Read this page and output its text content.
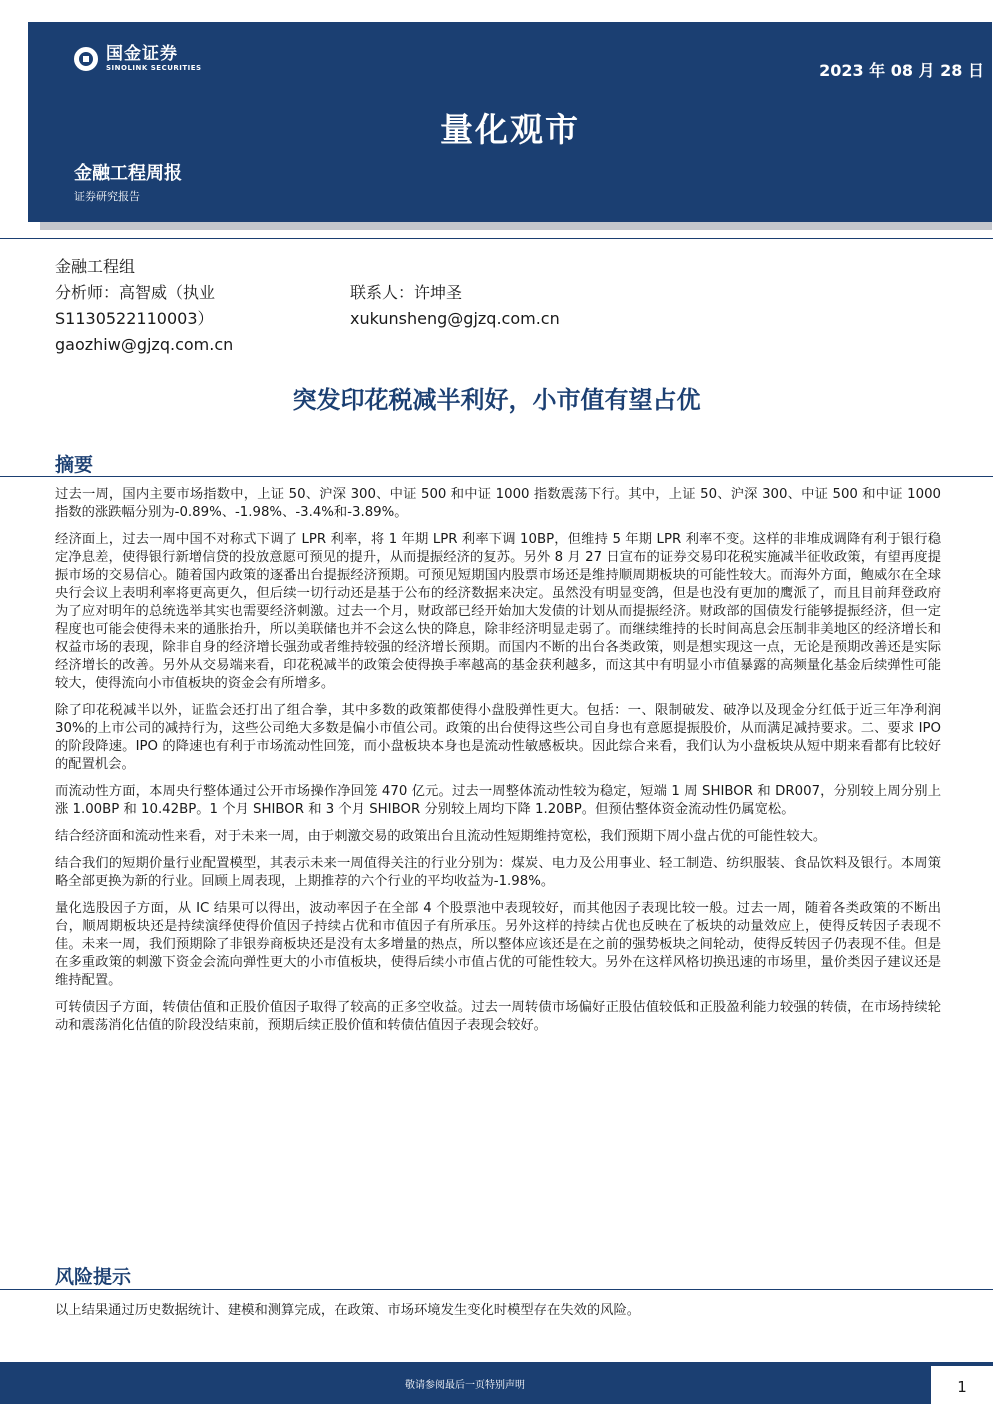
国金证券
SINOLINK SECURITIES	2023 年 08 月 28 日
量化观市
金融工程周报
证券研究报告
金融工程组
分析师：高智威（执业
S1130522110003）
gaozhiw@gjzq.com.cn
联系人：许坤圣
xukunsheng@gjzq.com.cn
突发印花税减半利好，小市值有望占优
摘要

过去一周，国内主要市场指数中，上证 50、沪深 300、中证 500 和中证 1000 指数震荡下行。其中，上证 50、沪深 300、中证 500 和中证 1000 指数的涨跌幅分别为-0.89%、-1.98%、-3.4%和-3.89%。

经济面上，过去一周中国不对称式下调了 LPR 利率，将 1 年期 LPR 利率下调 10BP，但维持 5 年期 LPR 利率不变。这样的非堆成调降有利于银行稳定净息差，使得银行新增信贷的投放意愿可预见的提升，从而提振经济的复苏。另外 8 月 27 日宣布的证券交易印花税实施减半征收政策，有望再度提振市场的交易信心。随着国内政策的逐番出台提振经济预期。可预见短期国内股票市场还是维持顺周期板块的可能性较大。而海外方面，鲍威尔在全球央行会议上表明利率将更高更久，但后续一切行动还是基于公布的经济数据来决定。虽然没有明显变鸽，但是也没有更加的鹰派了，而且目前拜登政府为了应对明年的总统选举其实也需要经济刺激。过去一个月，财政部已经开始加大发债的计划从而提振经济。财政部的国债发行能够提振经济，但一定程度也可能会使得未来的通胀抬升，所以美联储也并不会这么快的降息，除非经济明显走弱了。而继续维持的长时间高息会压制非美地区的经济增长和权益市场的表现，除非自身的经济增长强劲或者维持较强的经济增长预期。而国内不断的出台各类政策，则是想实现这一点，无论是预期改善还是实际经济增长的改善。另外从交易端来看，印花税减半的政策会使得换手率越高的基金获利越多，而这其中有明显小市值暴露的高频量化基金后续弹性可能较大，使得流向小市值板块的资金会有所增多。

除了印花税减半以外，证监会还打出了组合拳，其中多数的政策都使得小盘股弹性更大。包括：一、限制破发、破净以及现金分红低于近三年净利润 30%的上市公司的减持行为，这些公司绝大多数是偏小市值公司。政策的出台使得这些公司自身也有意愿提振股价，从而满足减持要求。二、要求 IPO 的阶段降速。IPO 的降速也有利于市场流动性回笼，而小盘板块本身也是流动性敏感板块。因此综合来看，我们认为小盘板块从短中期来看都有比较好的配置机会。

而流动性方面，本周央行整体通过公开市场操作净回笼 470 亿元。过去一周整体流动性较为稳定，短端 1 周 SHIBOR 和 DR007，分别较上周分别上涨 1.00BP 和 10.42BP。1 个月 SHIBOR 和 3 个月 SHIBOR 分别较上周均下降 1.20BP。但预估整体资金流动性仍属宽松。

结合经济面和流动性来看，对于未来一周，由于刺激交易的政策出台且流动性短期维持宽松，我们预期下周小盘占优的可能性较大。

结合我们的短期价量行业配置模型，其表示未来一周值得关注的行业分别为：煤炭、电力及公用事业、轻工制造、纺织服装、食品饮料及银行。本周策略全部更换为新的行业。回顾上周表现，上期推荐的六个行业的平均收益为-1.98%。

量化选股因子方面，从 IC 结果可以得出，波动率因子在全部 4 个股票池中表现较好，而其他因子表现比较一般。过去一周，随着各类政策的不断出台，顺周期板块还是持续演绎使得价值因子持续占优和市值因子有所承压。另外这样的持续占优也反映在了板块的动量效应上，使得反转因子表现不佳。未来一周，我们预期除了非银券商板块还是没有太多增量的热点，所以整体应该还是在之前的强势板块之间轮动，使得反转因子仍表现不佳。但是在多重政策的刺激下资金会流向弹性更大的小市值板块，使得后续小市值占优的可能性较大。另外在这样风格切换迅速的市场里，量价类因子建议还是维持配置。

可转债因子方面，转债估值和正股价值因子取得了较高的正多空收益。过去一周转债市场偏好正股估值较低和正股盈利能力较强的转债，在市场持续轮动和震荡消化估值的阶段没结束前，预期后续正股价值和转债估值因子表现会较好。

风险提示
以上结果通过历史数据统计、建模和测算完成，在政策、市场环境发生变化时模型存在失效的风险。
敬请参阅最后一页特别声明	1
